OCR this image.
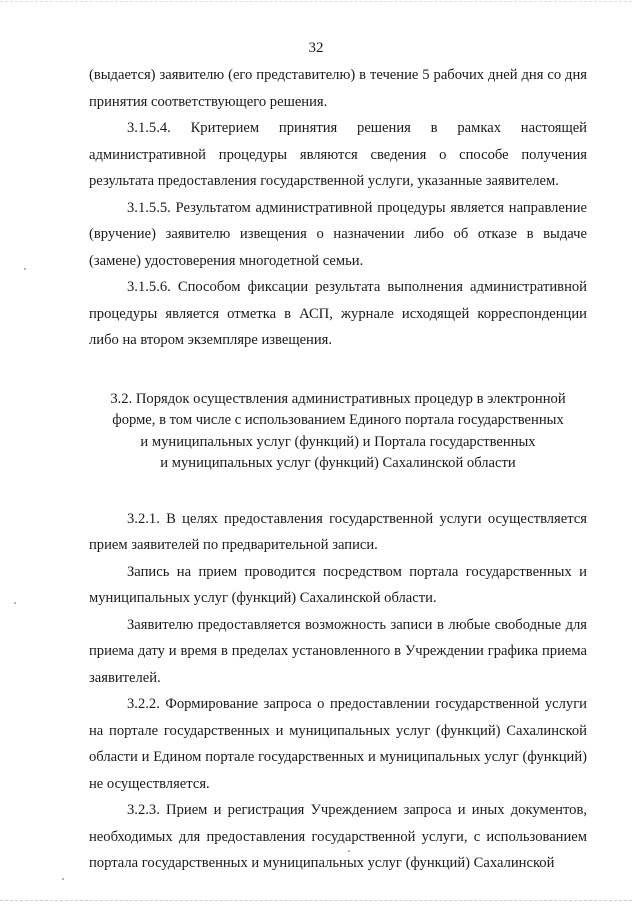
32

(выдается) заявителю (его представителю) в течение 5 рабочих дней дня со дня принятия соответствующего решения.

3.1.5.4. Критерием принятия решения в рамках настоящей административной процедуры являются сведения о способе получения результата предоставления государственной услуги, указанные заявителем.

3.1.5.5. Результатом административной процедуры является направление (вручение) заявителю извещения о назначении либо об отказе в выдаче (замене) удостоверения многодетной семьи.

3.1.5.6. Способом фиксации результата выполнения административной процедуры является отметка в АСП, журнале исходящей корреспонденции либо на втором экземпляре извещения.

3.2. Порядок осуществления административных процедур в электронной
форме, в том числе с использованием Единого портала государственных
и муниципальных услуг (функций) и Портала государственных
и муниципальных услуг (функций) Сахалинской области

3.2.1. В целях предоставления государственной услуги осуществляется прием заявителей по предварительной записи.

Запись на прием проводится посредством портала государственных и муниципальных услуг (функций) Сахалинской области.

Заявителю предоставляется возможность записи в любые свободные для приема дату и время в пределах установленного в Учреждении графика приема заявителей.

3.2.2. Формирование запроса о предоставлении государственной услуги на портале государственных и муниципальных услуг (функций) Сахалинской области и Едином портале государственных и муниципальных услуг (функций) не осуществляется.

3.2.3. Прием и регистрация Учреждением запроса и иных документов, необходимых для предоставления государственной услуги, с использованием портала государственных и муниципальных услуг (функций) Сахалинской
